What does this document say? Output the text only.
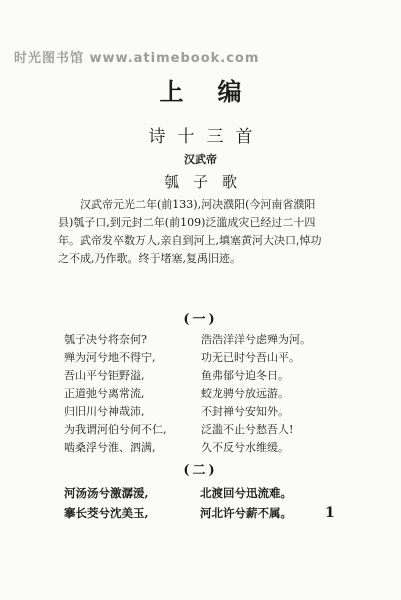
时光图书馆 www.atimebook.com
上编
诗十三首
汉武帝
瓠子歌
汉武帝元光二年(前133),河决濮阳(今河南省濮阳
县)瓠子口,到元封二年(前109)泛滥成灾已经过二十四
年。武帝发卒数万人,亲自到河上,填塞黄河大决口,悼功
之不成,乃作歌。终于堵塞,复禹旧迹。
(一)
瓠子决兮将奈何?	浩浩洋洋兮虑殚为河。
殚为河兮地不得宁,	功无已时兮吾山平。
吾山平兮钜野溢,	鱼弗郁兮迫冬日。
正道弛兮离常流,	蛟龙骋兮放远游。
归旧川兮神哉沛,	不封禅兮安知外。
为我谓河伯兮何不仁,	泛滥不止兮愁吾人!
啮桑浮兮淮、泗满,	久不反兮水维缓。
(二)
河汤汤兮激潺湲,	北渡回兮迅流难。
搴长茭兮沈美玉,	河北许兮薪不属。 1
